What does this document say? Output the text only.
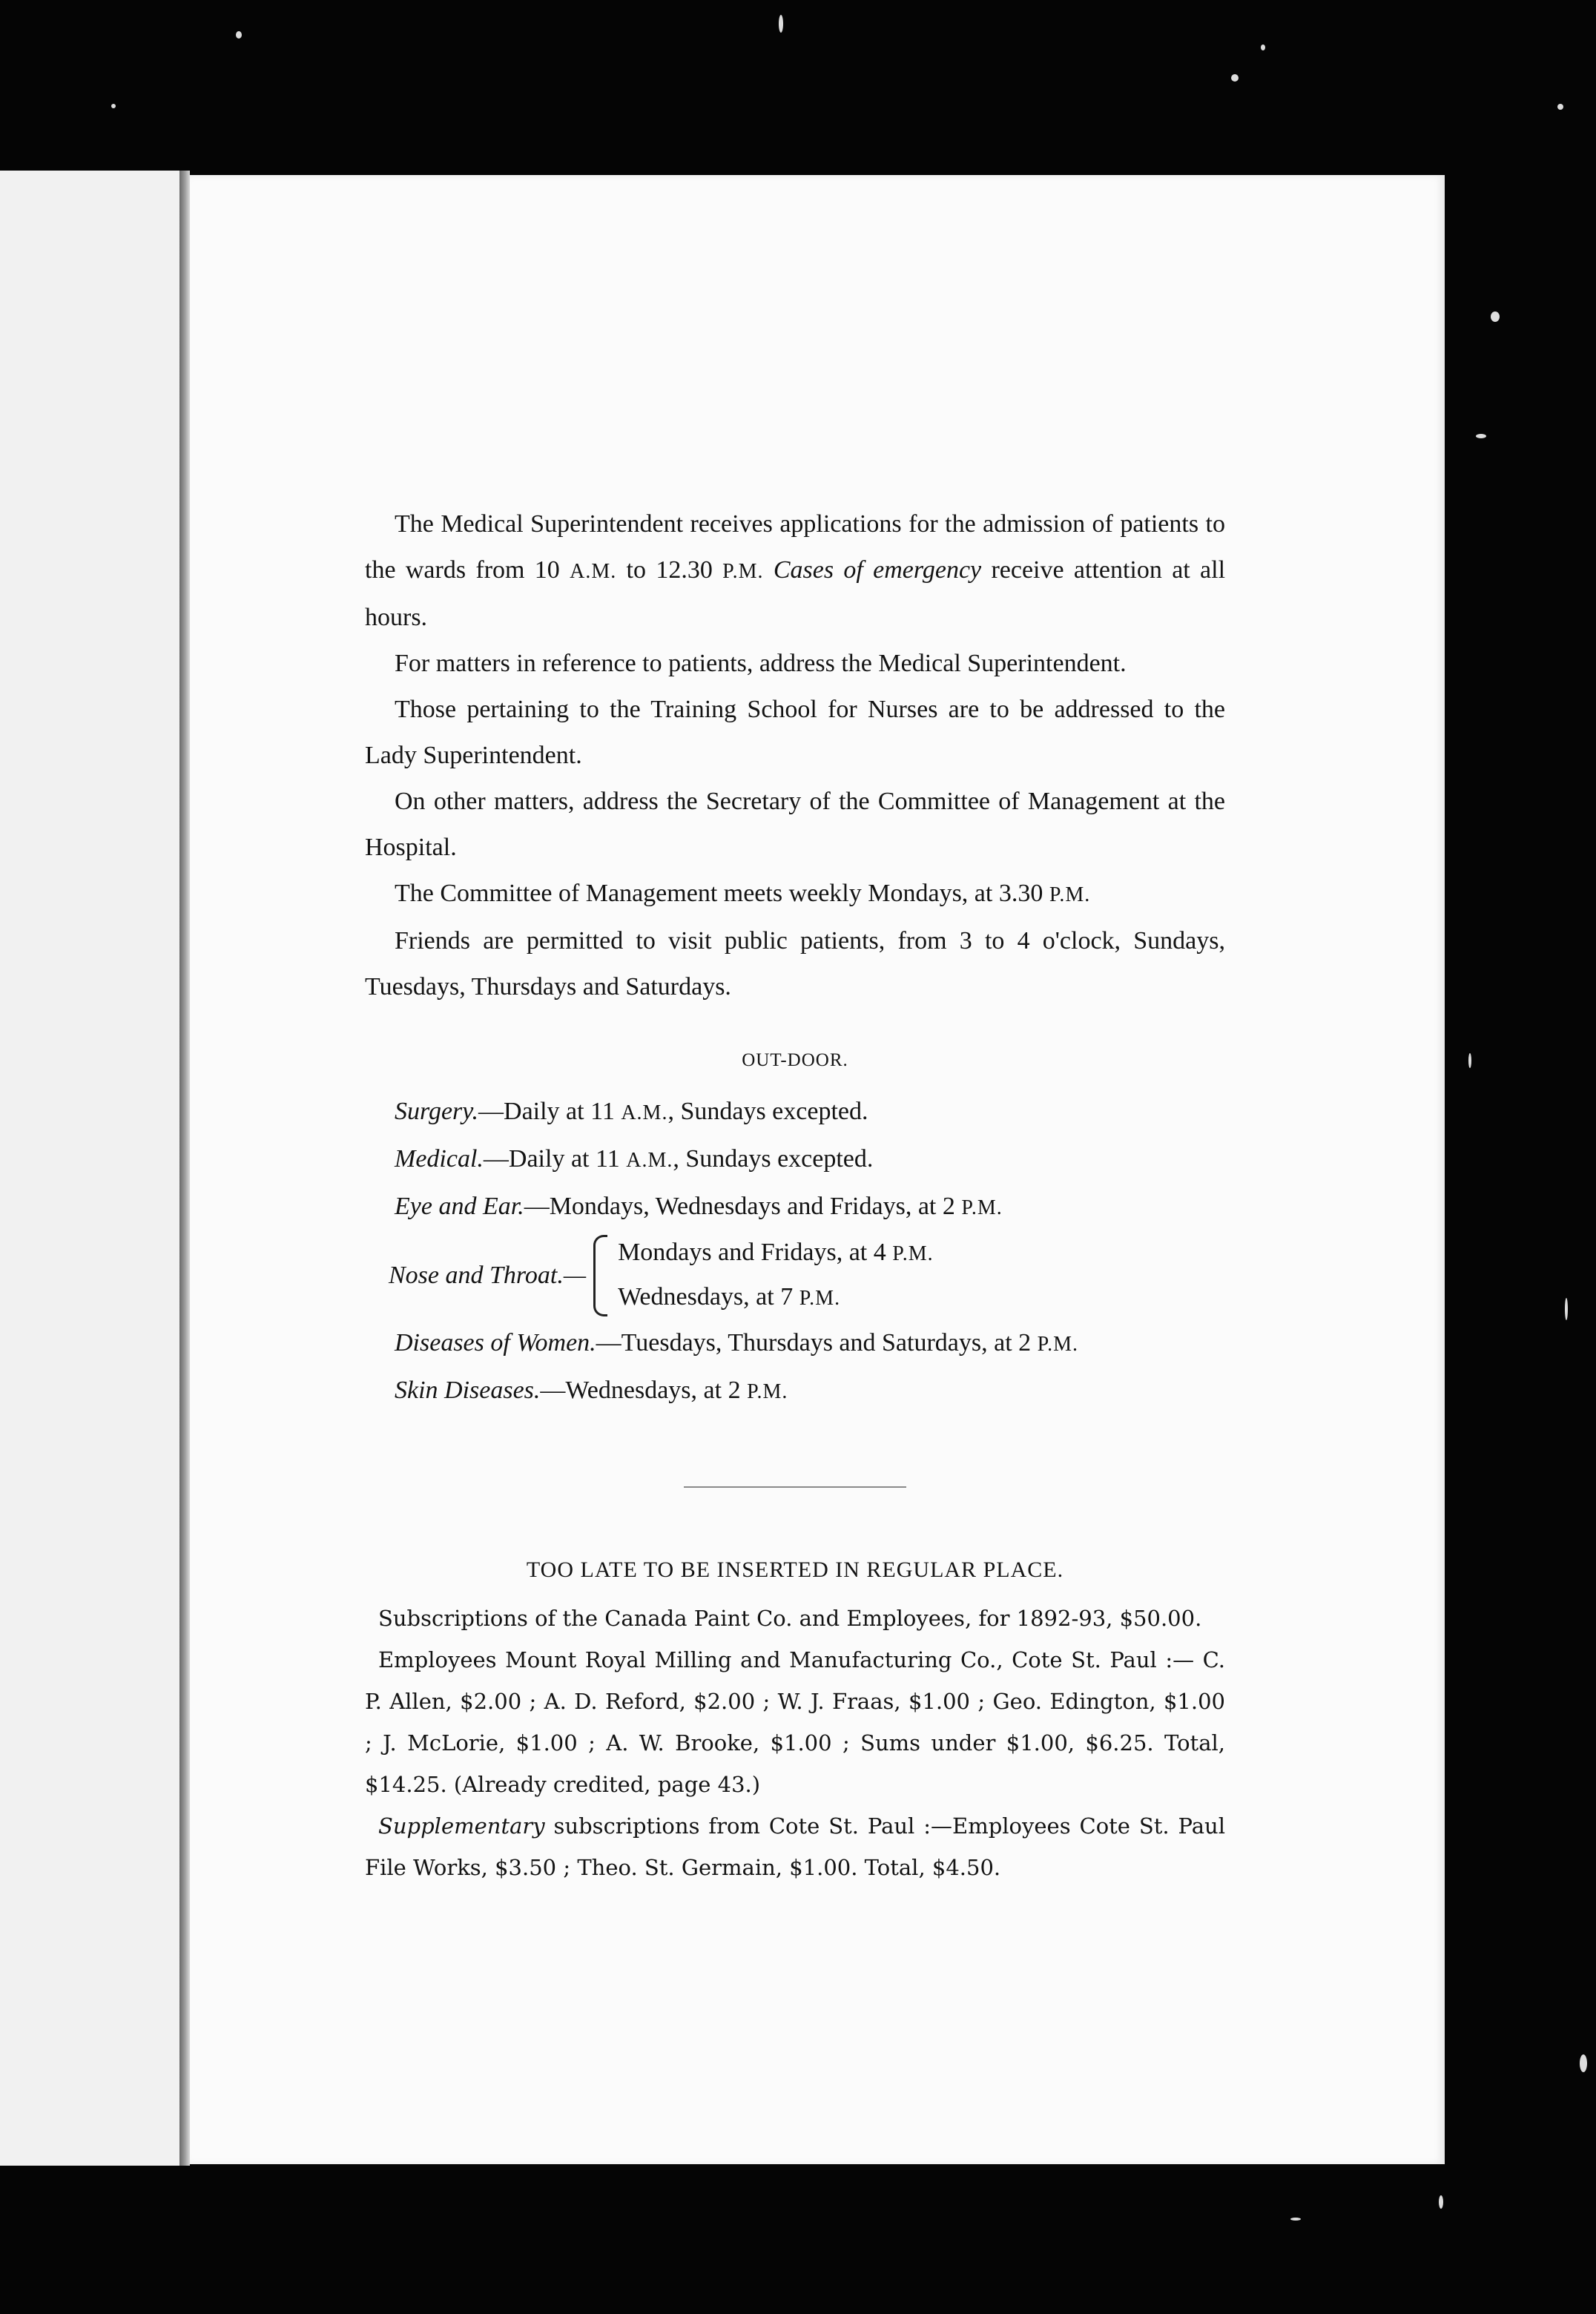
The Medical Superintendent receives applications for the admission of patients to the wards from 10 A.M. to 12.30 P.M. Cases of emergency receive attention at all hours.

For matters in reference to patients, address the Medical Superintendent.

Those pertaining to the Training School for Nurses are to be addressed to the Lady Superintendent.

On other matters, address the Secretary of the Committee of Management at the Hospital.

The Committee of Management meets weekly Mondays, at 3.30 P.M.

Friends are permitted to visit public patients, from 3 to 4 o'clock, Sundays, Tuesdays, Thursdays and Saturdays.

OUT-DOOR.
Surgery.—Daily at 11 A.M., Sundays excepted.
Medical.—Daily at 11 A.M., Sundays excepted.
Eye and Ear.—Mondays, Wednesdays and Fridays, at 2 P.M.
Nose and Throat.—
Mondays and Fridays, at 4 P.M.
Wednesdays, at 7 P.M.
Diseases of Women.—Tuesdays, Thursdays and Saturdays, at 2 P.M.
Skin Diseases.—Wednesdays, at 2 P.M.
TOO LATE TO BE INSERTED IN REGULAR PLACE.

Subscriptions of the Canada Paint Co. and Employees, for 1892-93, $50.00.

Employees Mount Royal Milling and Manufacturing Co., Cote St. Paul :— C. P. Allen, $2.00 ; A. D. Reford, $2.00 ; W. J. Fraas, $1.00 ; Geo. Edington, $1.00 ; J. McLorie, $1.00 ; A. W. Brooke, $1.00 ; Sums under $1.00, $6.25. Total, $14.25. (Already credited, page 43.)

Supplementary subscriptions from Cote St. Paul :—Employees Cote St. Paul File Works, $3.50 ; Theo. St. Germain, $1.00. Total, $4.50.
